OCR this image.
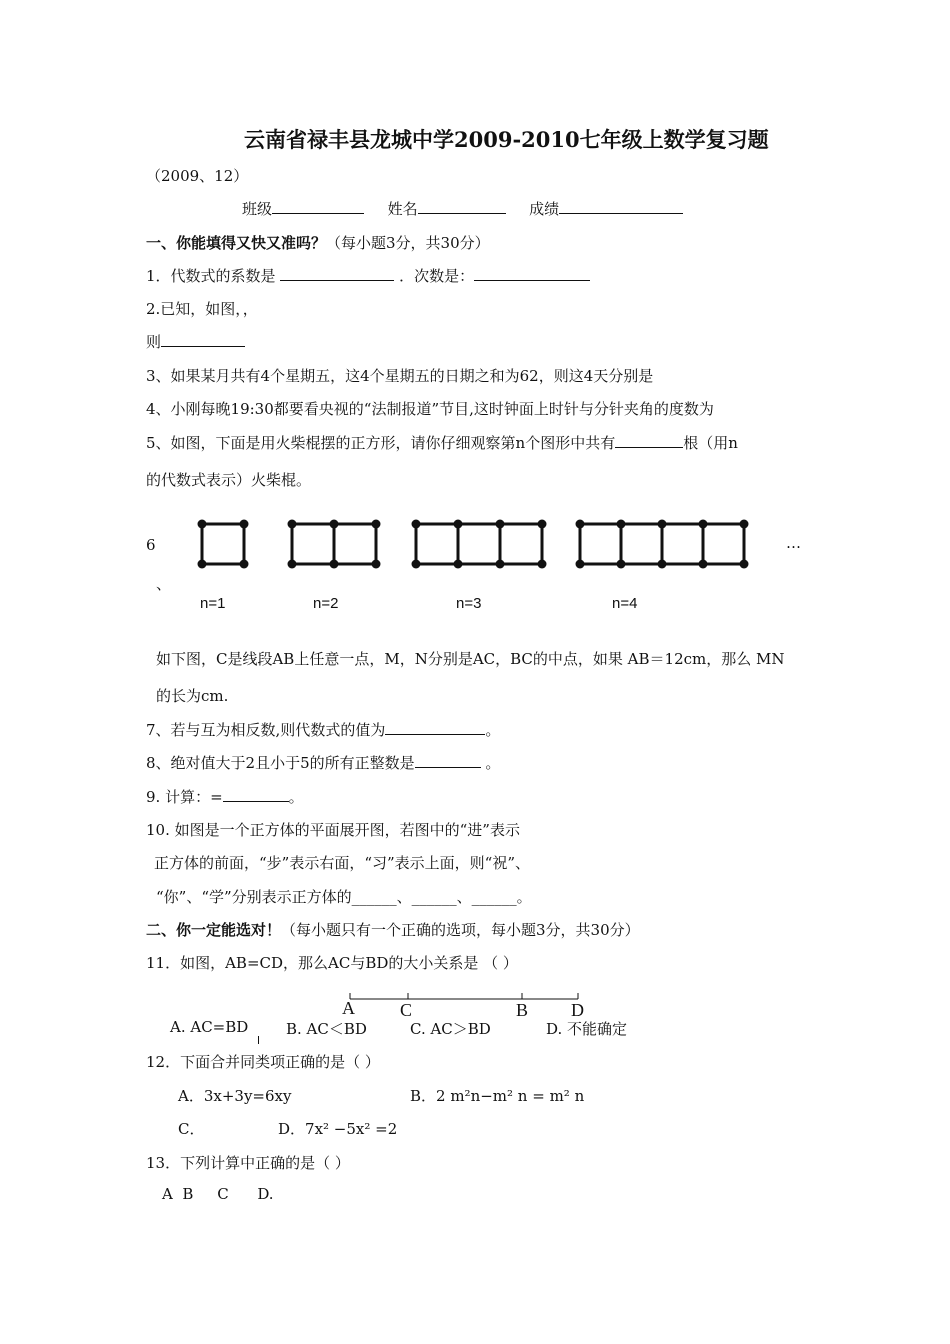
云南省禄丰县龙城中学2009-2010七年级上数学复习题
（2009、12）
班级	姓名	成绩
一、你能填得又快又准吗？（每小题3分，共30分）
1．代数式的系数是	．次数是：
2.已知，如图，，
则
3、如果某月共有4个星期五，这4个星期五的日期之和为62，则这4天分别是
4、小刚每晚19:30都要看央视的“法制报道”节目,这时钟面上时针与分针夹角的度数为
5、如图，下面是用火柴棍摆的正方形，请你仔细观察第n个图形中共有	根（用n
的代数式表示）火柴棍。
6
、
…
n=1	n=2	n=3	n=4
如下图，C是线段AB上任意一点，M，N分别是AC，BC的中点，如果 AB＝12cm，那么 MN
的长为cm.
7、若与互为相反数,则代数式的值为	。
8、绝对值大于2且小于5的所有正整数是	。
9. 计算：=	。
10. 如图是一个正方体的平面展开图，若图中的“进”表示
正方体的前面，“步”表示右面，“习”表示上面，则“祝”、
“你”、“学”分别表示正方体的______、______、______。
二、你一定能选对！（每小题只有一个正确的选项，每小题3分，共30分）
11．如图，AB=CD，那么AC与BD的大小关系是 （ ）
A	C	B D
A. AC=BD	B. AC＜BD	C. AC＞BD	D. 不能确定
12．下面合并同类项正确的是（ ）
A．3x+3y=6xy	B．2 m²n−m² n = m² n
C．	D．7x² −5x² =2
13．下列计算中正确的是（ ）
A  B     C      D.
